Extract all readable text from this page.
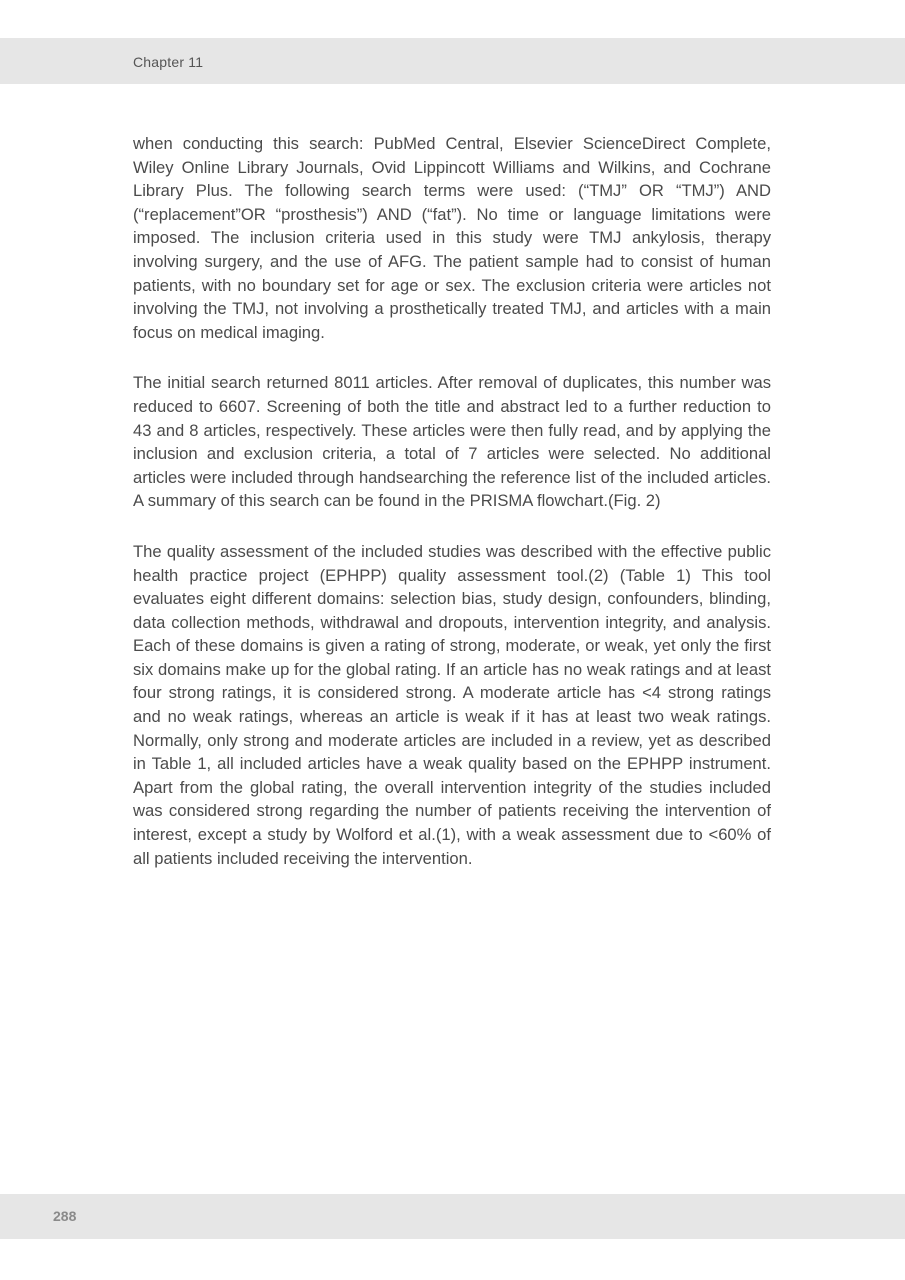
Chapter 11

when conducting this search: PubMed Central, Elsevier ScienceDirect Complete, Wiley Online Library Journals, Ovid Lippincott Williams and Wilkins, and Cochrane Library Plus. The following search terms were used: (“TMJ” OR “TMJ”) AND (“replacement”OR “prosthesis”) AND (“fat”). No time or language limitations were imposed. The inclusion criteria used in this study were TMJ ankylosis, therapy involving surgery, and the use of AFG. The patient sample had to consist of human patients, with no boundary set for age or sex. The exclusion criteria were articles not involving the TMJ, not involving a prosthetically treated TMJ, and articles with a main focus on medical imaging.

The initial search returned 8011 articles. After removal of duplicates, this number was reduced to 6607. Screening of both the title and abstract led to a further reduction to 43 and 8 articles, respectively. These articles were then fully read, and by applying the inclusion and exclusion criteria, a total of 7 articles were selected. No additional articles were included through handsearching the reference list of the included articles. A summary of this search can be found in the PRISMA flowchart.(Fig. 2)

The quality assessment of the included studies was described with the effective public health practice project (EPHPP) quality assessment tool.(2) (Table 1) This tool evaluates eight different domains: selection bias, study design, confounders, blinding, data collection methods, withdrawal and dropouts, intervention integrity, and analysis. Each of these domains is given a rating of strong, moderate, or weak, yet only the first six domains make up for the global rating. If an article has no weak ratings and at least four strong ratings, it is considered strong. A moderate article has <4 strong ratings and no weak ratings, whereas an article is weak if it has at least two weak ratings. Normally, only strong and moderate articles are included in a review, yet as described in Table 1, all included articles have a weak quality based on the EPHPP instrument. Apart from the global rating, the overall intervention integrity of the studies included was considered strong regarding the number of patients receiving the intervention of interest, except a study by Wolford et al.(1), with a weak assessment due to <60% of all patients included receiving the intervention.

288
